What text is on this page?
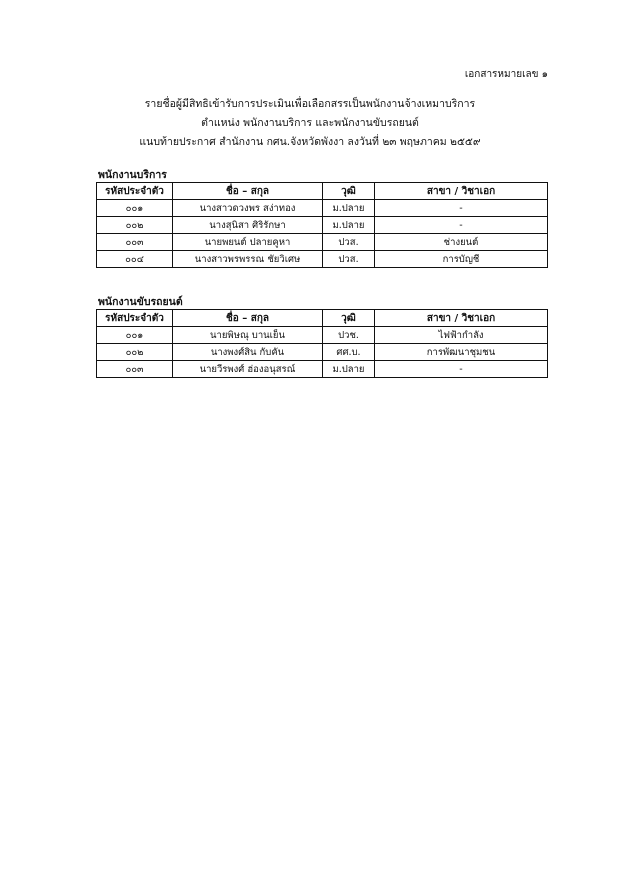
เอกสารหมายเลข ๑
รายชื่อผู้มีสิทธิเข้ารับการประเมินเพื่อเลือกสรรเป็นพนักงานจ้างเหมาบริการ
ตำแหน่ง พนักงานบริการ และพนักงานขับรถยนต์
แนบท้ายประกาศ สำนักงาน กศน.จังหวัดพังงา ลงวันที่ ๒๓ พฤษภาคม ๒๕๕๙
พนักงานบริการ
รหัสประจำตัว	ชื่อ – สกุล	วุฒิ	สาขา / วิชาเอก
๐๐๑	นางสาวดวงพร สง่าทอง	ม.ปลาย	-
๐๐๒	นางสุนิสา ศิริรักษา	ม.ปลาย	-
๐๐๓	นายพยนต์ ปลายคูหา	ปวส.	ช่างยนต์
๐๐๔	นางสาวพรพรรณ ชัยวิเศษ	ปวส.	การบัญชี
พนักงานขับรถยนต์
รหัสประจำตัว	ชื่อ – สกุล	วุฒิ	สาขา / วิชาเอก
๐๐๑	นายพิษณุ บานเย็น	ปวช.	ไฟฟ้ากำลัง
๐๐๒	นางพงศ์สิน กับคัน	ศศ.บ.	การพัฒนาชุมชน
๐๐๓	นายวีรพงศ์ ฮ่องอนุสรณ์	ม.ปลาย	-
